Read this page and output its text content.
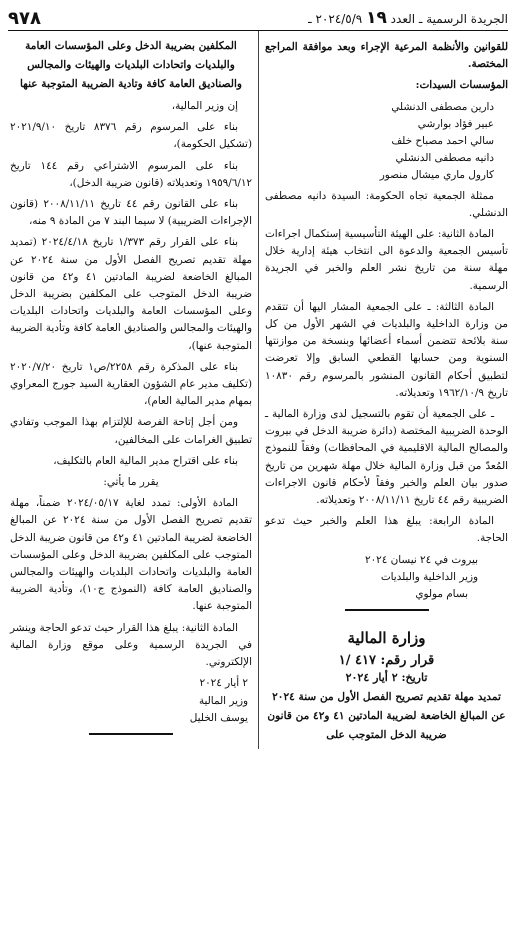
٩٧٨	الجريدة الرسمية ـ العدد ١٩ ٢٠٢٤/٥/٩ ـ

للقوانين والأنظمة المرعية الإجراء وبعد موافقة المراجع المختصة.

المؤسسات السيدات:

دارين مصطفى الدنشلي

عبير فؤاد بوارشي

سالي احمد مصباح خلف

دانيه مصطفى الدنشلي

كارول ماري ميشال منصور

ممثلة الجمعية تجاه الحكومة: السيدة دانيه مصطفى الدنشلي.

المادة الثانية: على الهيئة التأسيسية إستكمال اجراءات تأسيس الجمعية والدعوة الى انتخاب هيئة إدارية خلال مهلة سنة من تاريخ نشر العلم والخبر في الجريدة الرسمية.

المادة الثالثة: ـ على الجمعية المشار اليها أن تتقدم من وزارة الداخلية والبلديات في الشهر الأول من كل سنة بلائحة تتضمن أسماء أعضائها وبنسخة من موازنتها السنوية ومن حسابها القطعي السابق وإلا تعرضت لتطبيق أحكام القانون المنشور بالمرسوم رقم ١٠٨٣٠ تاريخ ١٩٦٢/١٠/٩ وتعديلاته.

ـ على الجمعية أن تقوم بالتسجيل لدى وزارة المالية ـ الوحدة الضريبية المختصة (دائرة ضريبة الدخل في بيروت والمصالح المالية الاقليمية في المحافظات) وفقاً للنموذج المُعدّ من قبل وزارة المالية خلال مهلة شهرين من تاريخ صدور بيان العلم والخبر وفقاً لأحكام قانون الاجراءات الضريبية رقم ٤٤ تاريخ ٢٠٠٨/١١/١١ وتعديلاته.

المادة الرابعة: يبلغ هذا العلم والخبر حيث تدعو الحاجة.

بيروت في ٢٤ نيسان ٢٠٢٤

وزير الداخلية والبلديات

بسام مولوي

وزارة المالية
قرار رقم: ٤١٧ /١
تاريخ: ٢ أيار ٢٠٢٤

تمديد مهلة تقديم تصريح الفصل الأول من سنة ٢٠٢٤ عن المبالغ الخاضعة لضريبة المادتين ٤١ و٤٢ من قانون ضريبة الدخل المتوجب على

المكلفين بضريبة الدخل وعلى المؤسسات العامة والبلديات واتحادات البلديات والهيئات والمجالس والصناديق العامة كافة وتادية الضريبة المتوجبة عنها

إن وزير المالية،

بناء على المرسوم رقم ٨٣٧٦ تاريخ ٢٠٢١/٩/١٠ (تشكيل الحكومة)،

بناء على المرسوم الاشتراعي رقم ١٤٤ تاريخ ١٩٥٩/٦/١٢ وتعديلاته (قانون ضريبة الدخل)،

بناء على القانون رقم ٤٤ تاريخ ٢٠٠٨/١١/١١ (قانون الإجراءات الضريبية) لا سيما البند ٧ من المادة ٩ منه،

بناء على القرار رقم ١/٣٧٣ تاريخ ٢٠٢٤/٤/١٨ (تمديد مهلة تقديم تصريح الفصل الأول من سنة ٢٠٢٤ عن المبالغ الخاضعة لضريبة المادتين ٤١ و٤٢ من قانون ضريبة الدخل المتوجب على المكلفين بضريبة الدخل وعلى المؤسسات العامة والبلديات واتحادات البلديات والهيئات والمجالس والصناديق العامة كافة وتأدية الضريبة المتوجبة عنها)،

بناء على المذكرة رقم ٢٢٥٨/ص١ تاريخ ٢٠٢٠/٧/٢٠ (تكليف مدير عام الشؤون العقارية السيد جورج المعراوي بمهام مدير المالية العام)،

ومن أجل إتاحة الفرصة للإلتزام بهذا الموجب وتفادي تطبيق الغرامات على المخالفين،

بناء على اقتراح مدير المالية العام بالتكليف،

يقرر ما يأتي:

المادة الأولى: تمدد لغاية ٢٠٢٤/٠٥/١٧ ضمناً، مهلة تقديم تصريح الفصل الأول من سنة ٢٠٢٤ عن المبالغ الخاضعة لضريبة المادتين ٤١ و٤٢ من قانون ضريبة الدخل المتوجب على المكلفين بضريبة الدخل وعلى المؤسسات العامة والبلديات واتحادات البلديات والهيئات والمجالس والصناديق العامة كافة (النموذج ج١٠)، وتأدية الضريبة المتوجبة عنها.

المادة الثانية: يبلغ هذا القرار حيث تدعو الحاجة وينشر في الجريدة الرسمية وعلى موقع وزارة المالية الإلكتروني.

٢ أيار ٢٠٢٤

وزير المالية

يوسف الخليل
